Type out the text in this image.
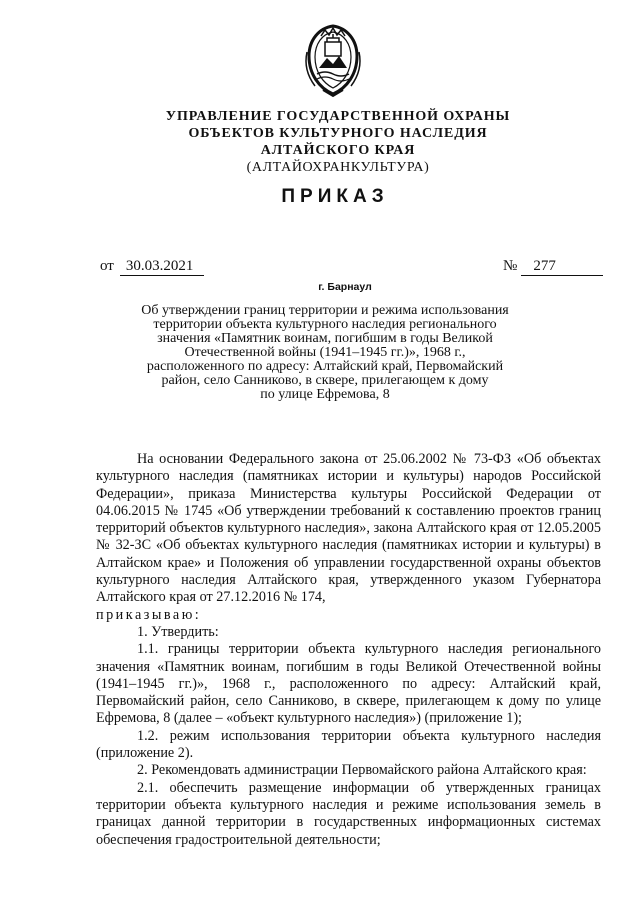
УПРАВЛЕНИЕ ГОСУДАРСТВЕННОЙ ОХРАНЫ
ОБЪЕКТОВ КУЛЬТУРНОГО НАСЛЕДИЯ
АЛТАЙСКОГО КРАЯ
(АЛТАЙОХРАНКУЛЬТУРА)
ПРИКАЗ
от 30.03.2021	№ 277
г. Барнаул
Об утверждении границ территории и режима использования
территории объекта культурного наследия регионального
значения «Памятник воинам, погибшим в годы Великой
Отечественной войны (1941–1945 гг.)», 1968 г.,
расположенного по адресу: Алтайский край, Первомайский
район, село Санниково, в сквере, прилегающем к дому
по улице Ефремова, 8

На основании Федерального закона от 25.06.2002 № 73-ФЗ «Об объектах культурного наследия (памятниках истории и культуры) народов Российской Федерации», приказа Министерства культуры Российской Федерации от 04.06.2015 № 1745 «Об утверждении требований к составлению проектов границ территорий объектов культурного наследия», закона Алтайского края от 12.05.2005 № 32-ЗС «Об объектах культурного наследия (памятниках истории и культуры) в Алтайском крае» и Положения об управлении государственной охраны объектов культурного наследия Алтайского края, утвержденного указом Губернатора Алтайского края от 27.12.2016 № 174,
приказываю:

1. Утвердить:

1.1. границы территории объекта культурного наследия регионального значения «Памятник воинам, погибшим в годы Великой Отечественной войны (1941–1945 гг.)», 1968 г., расположенного по адресу: Алтайский край, Первомайский район, село Санниково, в сквере, прилегающем к дому по улице Ефремова, 8 (далее – «объект культурного наследия») (приложение 1);

1.2. режим использования территории объекта культурного наследия (приложение 2).

2. Рекомендовать администрации Первомайского района Алтайского края:

2.1. обеспечить размещение информации об утвержденных границах территории объекта культурного наследия и режиме использования земель в границах данной территории в государственных информационных системах обеспечения градостроительной деятельности;
